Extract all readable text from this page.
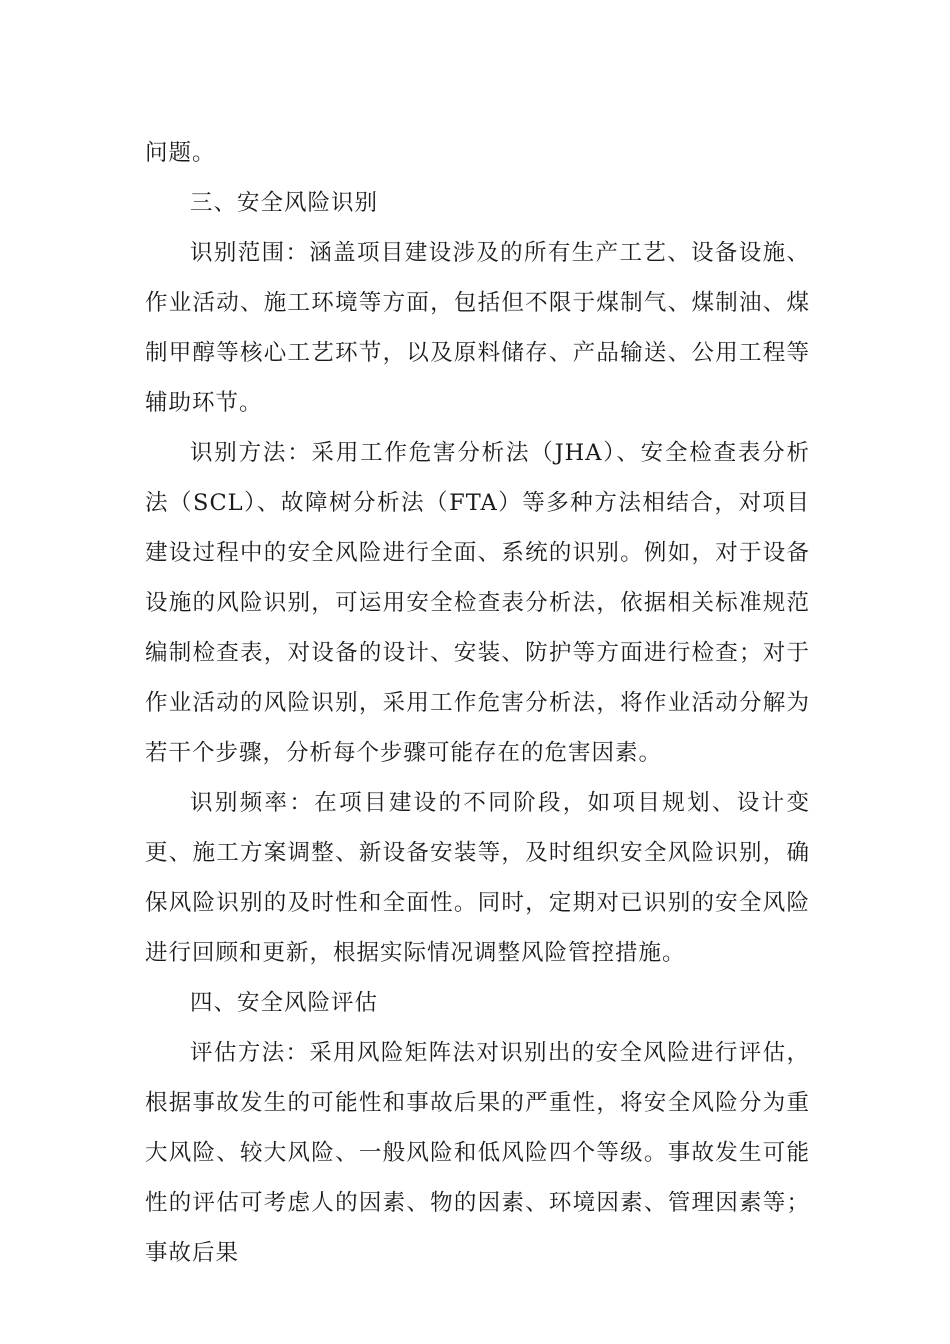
问题。

三、安全风险识别

识别范围：涵盖项目建设涉及的所有生产工艺、设备设施、作业活动、施工环境等方面，包括但不限于煤制气、煤制油、煤制甲醇等核心工艺环节，以及原料储存、产品输送、公用工程等辅助环节。

识别方法：采用工作危害分析法（JHA）、安全检查表分析法（SCL）、故障树分析法（FTA）等多种方法相结合，对项目建设过程中的安全风险进行全面、系统的识别。例如，对于设备设施的风险识别，可运用安全检查表分析法，依据相关标准规范编制检查表，对设备的设计、安装、防护等方面进行检查；对于作业活动的风险识别，采用工作危害分析法，将作业活动分解为若干个步骤，分析每个步骤可能存在的危害因素。

识别频率：在项目建设的不同阶段，如项目规划、设计变更、施工方案调整、新设备安装等，及时组织安全风险识别，确保风险识别的及时性和全面性。同时，定期对已识别的安全风险进行回顾和更新，根据实际情况调整风险管控措施。

四、安全风险评估

评估方法：采用风险矩阵法对识别出的安全风险进行评估，根据事故发生的可能性和事故后果的严重性，将安全风险分为重大风险、较大风险、一般风险和低风险四个等级。事故发生可能性的评估可考虑人的因素、物的因素、环境因素、管理因素等；事故后果
